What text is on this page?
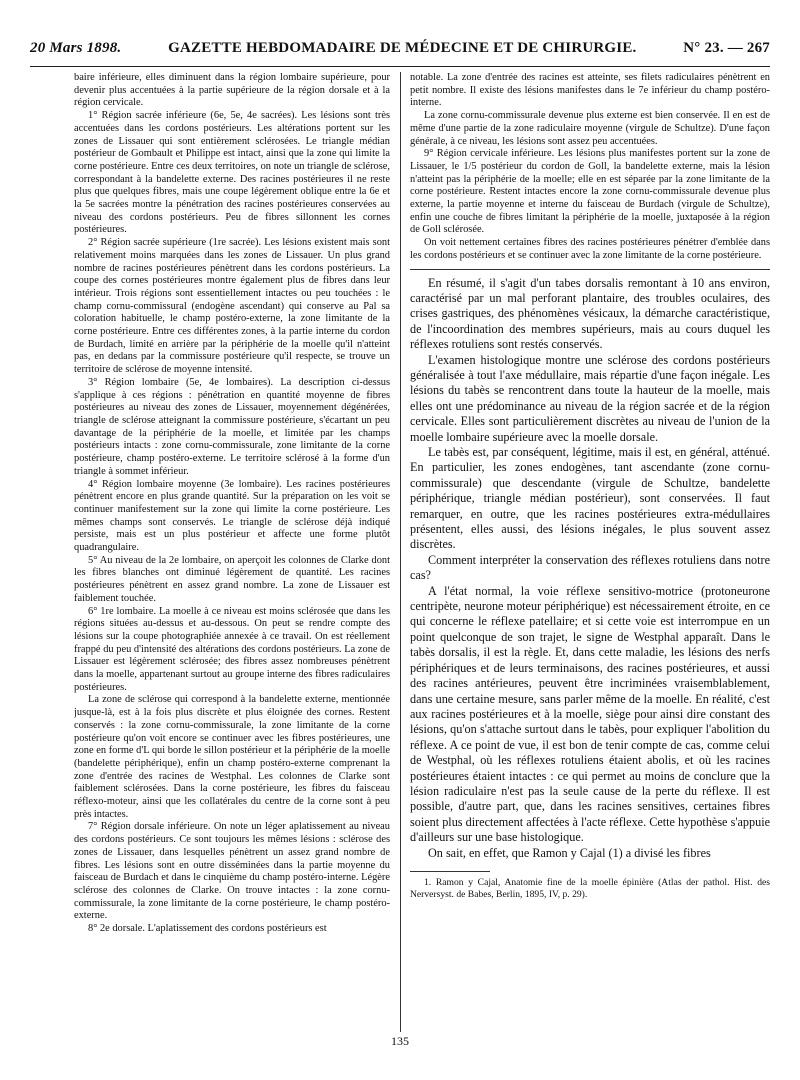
20 Mars 1898.	GAZETTE HEBDOMADAIRE DE MÉDECINE ET DE CHIRURGIE.	N° 23. — 267

baire inférieure, elles diminuent dans la région lombaire supérieure, pour devenir plus accentuées à la partie supérieure de la région dorsale et à la région cervicale.

1° Région sacrée inférieure (6e, 5e, 4e sacrées). Les lésions sont très accentuées dans les cordons postérieurs. Les altérations portent sur les zones de Lissauer qui sont entièrement sclérosées. Le triangle médian postérieur de Gombault et Philippe est intact, ainsi que la zone qui limite la corne postérieure. Entre ces deux territoires, on note un triangle de sclérose, correspondant à la bandelette externe. Des racines postérieures il ne reste plus que quelques fibres, mais une coupe légèrement oblique entre la 6e et la 5e sacrées montre la pénétration des racines postérieures conservées au niveau des cordons postérieurs. Peu de fibres sillonnent les cornes postérieures.

2° Région sacrée supérieure (1re sacrée). Les lésions existent mais sont relativement moins marquées dans les zones de Lissauer. Un plus grand nombre de racines postérieures pénètrent dans les cordons postérieurs. La coupe des cornes postérieures montre également plus de fibres dans leur intérieur. Trois régions sont essentiellement intactes ou peu touchées : le champ cornu-commissural (endogène ascendant) qui conserve au Pal sa coloration habituelle, le champ postéro-externe, la zone limitante de la corne postérieure. Entre ces différentes zones, à la partie interne du cordon de Burdach, limité en arrière par la périphérie de la moelle qu'il n'atteint pas, en dedans par la commissure postérieure qu'il respecte, se trouve un territoire de sclérose de moyenne intensité.

3° Région lombaire (5e, 4e lombaires). La description ci-dessus s'applique à ces régions : pénétration en quantité moyenne de fibres postérieures au niveau des zones de Lissauer, moyennement dégénérées, triangle de sclérose atteignant la commissure postérieure, s'écartant un peu davantage de la périphérie de la moelle, et limitée par les champs postérieurs intacts : zone cornu-commissurale, zone limitante de la corne postérieure, champ postéro-externe. Le territoire sclérosé à la forme d'un triangle à sommet inférieur.

4° Région lombaire moyenne (3e lombaire). Les racines postérieures pénètrent encore en plus grande quantité. Sur la préparation on les voit se continuer manifestement sur la zone qui limite la corne postérieure. Les mêmes champs sont conservés. Le triangle de sclérose déjà indiqué persiste, mais est un plus postérieur et affecte une forme plutôt quadrangulaire.

5° Au niveau de la 2e lombaire, on aperçoit les colonnes de Clarke dont les fibres blanches ont diminué légèrement de quantité. Les racines postérieures pénètrent en assez grand nombre. La zone de Lissauer est faiblement touchée.

6° 1re lombaire. La moelle à ce niveau est moins sclérosée que dans les régions situées au-dessus et au-dessous. On peut se rendre compte des lésions sur la coupe photographiée annexée à ce travail. On est réellement frappé du peu d'intensité des altérations des cordons postérieurs. La zone de Lissauer est légèrement sclérosée; des fibres assez nombreuses pénètrent dans la moelle, appartenant surtout au groupe interne des fibres radiculaires postérieures.

La zone de sclérose qui correspond à la bandelette externe, mentionnée jusque-là, est à la fois plus discrète et plus éloignée des cornes. Restent conservés : la zone cornu-commissurale, la zone limitante de la corne postérieure qu'on voit encore se continuer avec les fibres postérieures, une zone en forme d'L qui borde le sillon postérieur et la périphérie de la moelle (bandelette périphérique), enfin un champ postéro-externe comprenant la zone d'entrée des racines de Westphal. Les colonnes de Clarke sont faiblement sclérosées. Dans la corne postérieure, les fibres du faisceau réflexo-moteur, ainsi que les collatérales du centre de la corne sont à peu près intactes.

7° Région dorsale inférieure. On note un léger aplatissement au niveau des cordons postérieurs. Ce sont toujours les mêmes lésions : sclérose des zones de Lissauer, dans lesquelles pénètrent un assez grand nombre de fibres. Les lésions sont en outre disséminées dans la partie moyenne du faisceau de Burdach et dans le cinquième du champ postéro-interne. Légère sclérose des colonnes de Clarke. On trouve intactes : la zone cornu-commissurale, la zone limitante de la corne postérieure, le champ postéro-externe.

8° 2e dorsale. L'aplatissement des cordons postérieurs est

notable. La zone d'entrée des racines est atteinte, ses filets radiculaires pénètrent en petit nombre. Il existe des lésions manifestes dans le 7e inférieur du champ postéro-interne.

La zone cornu-commissurale devenue plus externe est bien conservée. Il en est de même d'une partie de la zone radiculaire moyenne (virgule de Schultze). D'une façon générale, à ce niveau, les lésions sont assez peu accentuées.

9° Région cervicale inférieure. Les lésions plus manifestes portent sur la zone de Lissauer, le 1/5 postérieur du cordon de Goll, la bandelette externe, mais la lésion n'atteint pas la périphérie de la moelle; elle en est séparée par la zone limitante de la corne postérieure. Restent intactes encore la zone cornu-commissurale devenue plus externe, la partie moyenne et interne du faisceau de Burdach (virgule de Schultze), enfin une couche de fibres limitant la périphérie de la moelle, juxtaposée à la région de Goll sclérosée.

On voit nettement certaines fibres des racines postérieures pénétrer d'emblée dans les cordons postérieurs et se continuer avec la zone limitante de la corne postérieure.

En résumé, il s'agit d'un tabes dorsalis remontant à 10 ans environ, caractérisé par un mal perforant plantaire, des troubles oculaires, des crises gastriques, des phénomènes vésicaux, la démarche caractéristique, de l'incoordination des membres supérieurs, mais au cours duquel les réflexes rotuliens sont restés conservés.

L'examen histologique montre une sclérose des cordons postérieurs généralisée à tout l'axe médullaire, mais répartie d'une façon inégale. Les lésions du tabès se rencontrent dans toute la hauteur de la moelle, mais elles ont une prédominance au niveau de la région sacrée et de la région cervicale. Elles sont particulièrement discrètes au niveau de l'union de la moelle lombaire supérieure avec la moelle dorsale.

Le tabès est, par conséquent, légitime, mais il est, en général, atténué. En particulier, les zones endogènes, tant ascendante (zone cornu-commissurale) que descendante (virgule de Schultze, bandelette périphérique, triangle médian postérieur), sont conservées. Il faut remarquer, en outre, que les racines postérieures extra-médullaires présentent, elles aussi, des lésions inégales, le plus souvent assez discrètes.

Comment interpréter la conservation des réflexes rotuliens dans notre cas?

A l'état normal, la voie réflexe sensitivo-motrice (protoneurone centripète, neurone moteur périphérique) est nécessairement étroite, en ce qui concerne le réflexe patellaire; et si cette voie est interrompue en un point quelconque de son trajet, le signe de Westphal apparaît. Dans le tabès dorsalis, il est la règle. Et, dans cette maladie, les lésions des nerfs périphériques et de leurs terminaisons, des racines postérieures, et aussi des racines antérieures, peuvent être incriminées vraisemblablement, dans une certaine mesure, sans parler même de la moelle. En réalité, c'est aux racines postérieures et à la moelle, siège pour ainsi dire constant des lésions, qu'on s'attache surtout dans le tabès, pour expliquer l'abolition du réflexe. A ce point de vue, il est bon de tenir compte de cas, comme celui de Westphal, où les réflexes rotuliens étaient abolis, et où les racines postérieures étaient intactes : ce qui permet au moins de conclure que la lésion radiculaire n'est pas la seule cause de la perte du réflexe. Il est possible, d'autre part, que, dans les racines sensitives, certaines fibres soient plus directement affectées à l'acte réflexe. Cette hypothèse s'appuie d'ailleurs sur une base histologique.

On sait, en effet, que Ramon y Cajal (1) a divisé les fibres

1. Ramon y Cajal, Anatomie fine de la moelle épinière (Atlas der pathol. Hist. des Nerversyst. de Babes, Berlin, 1895, IV, p. 29).

135
